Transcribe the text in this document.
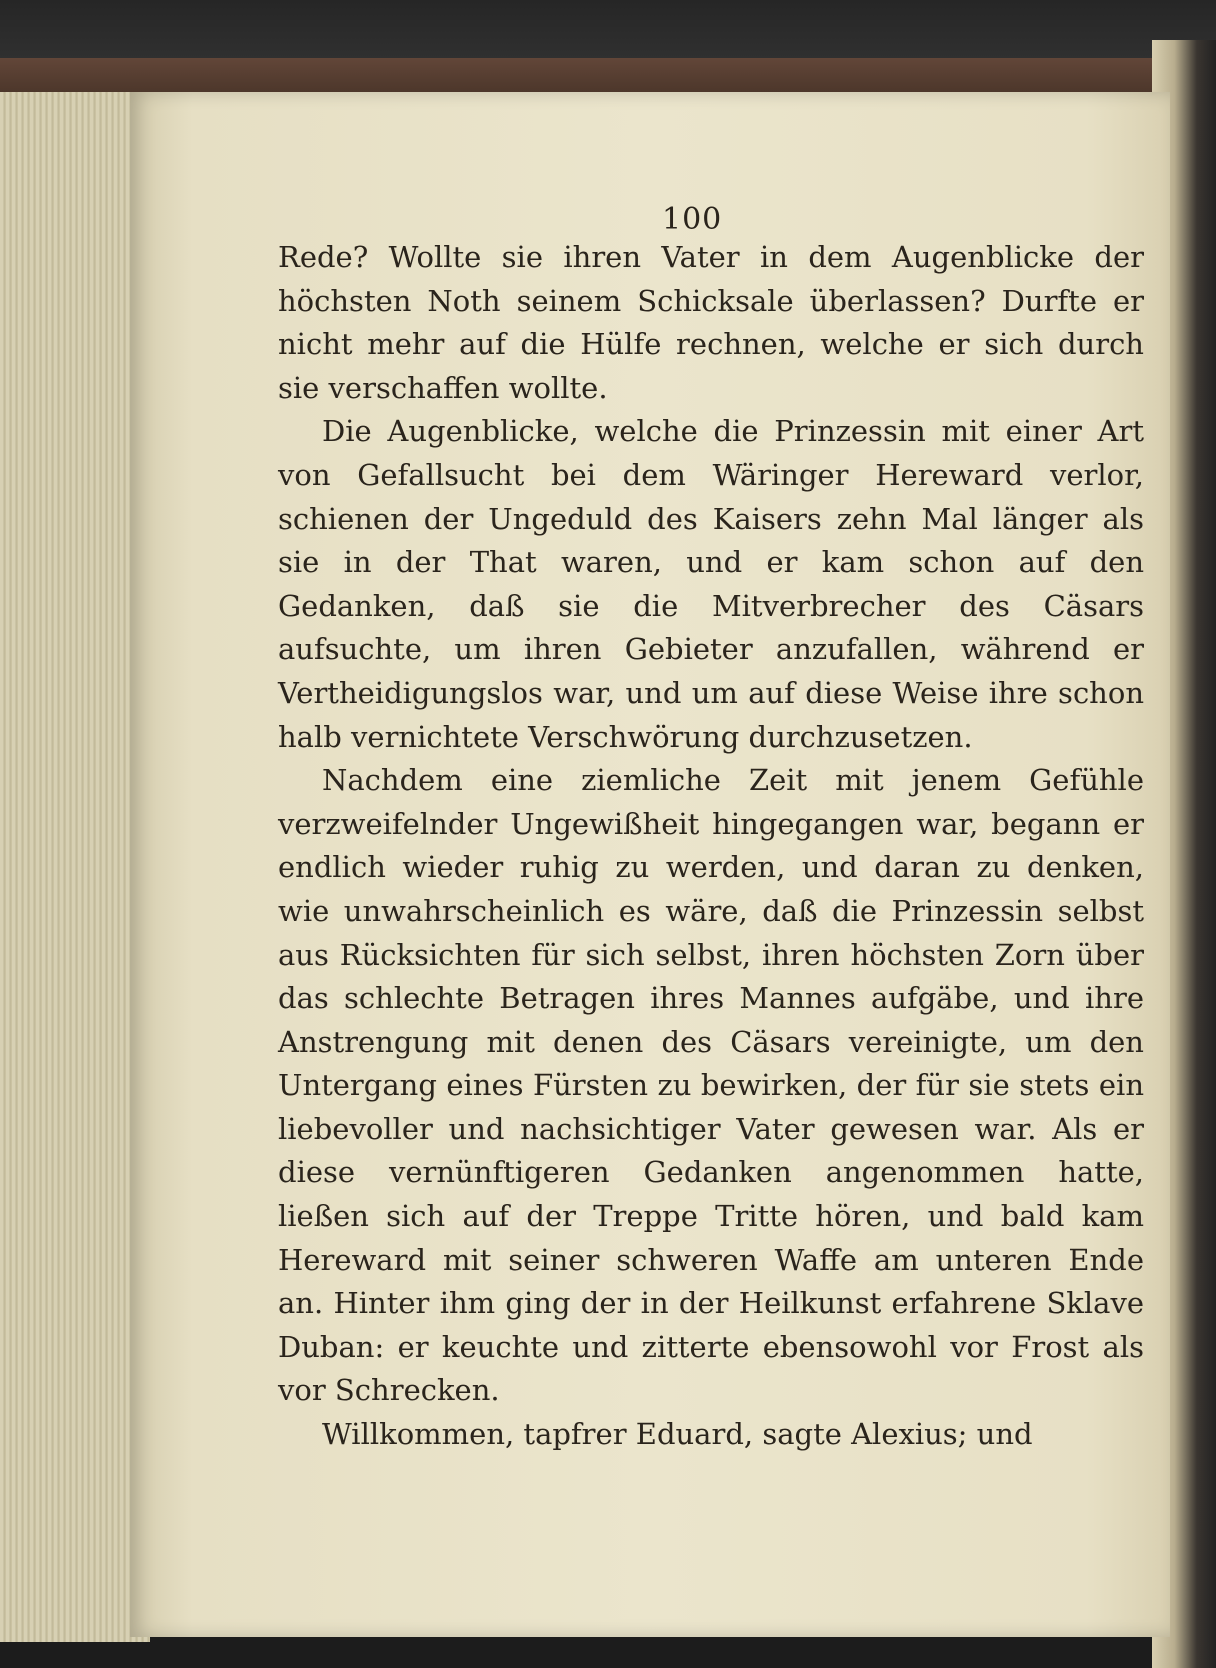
100

Rede? Wollte sie ihren Vater in dem Augenblicke der höchsten Noth seinem Schicksale überlassen? Durfte er nicht mehr auf die Hülfe rechnen, welche er sich durch sie verschaffen wollte.

Die Augenblicke, welche die Prinzessin mit einer Art von Gefallsucht bei dem Wäringer Hereward verlor, schienen der Ungeduld des Kaisers zehn Mal länger als sie in der That waren, und er kam schon auf den Gedanken, daß sie die Mitverbrecher des Cäsars aufsuchte, um ihren Gebieter anzufallen, während er Vertheidigungslos war, und um auf diese Weise ihre schon halb vernichtete Verschwörung durchzusetzen.

Nachdem eine ziemliche Zeit mit jenem Gefühle verzweifelnder Ungewißheit hingegangen war, begann er endlich wieder ruhig zu werden, und daran zu denken, wie unwahrscheinlich es wäre, daß die Prinzessin selbst aus Rücksichten für sich selbst, ihren höchsten Zorn über das schlechte Betragen ihres Mannes aufgäbe, und ihre Anstrengung mit denen des Cäsars vereinigte, um den Untergang eines Fürsten zu bewirken, der für sie stets ein liebevoller und nachsichtiger Vater gewesen war. Als er diese vernünftigeren Gedanken angenommen hatte, ließen sich auf der Treppe Tritte hören, und bald kam Hereward mit seiner schweren Waffe am unteren Ende an. Hinter ihm ging der in der Heilkunst erfahrene Sklave Duban: er keuchte und zitterte ebensowohl vor Frost als vor Schrecken.

Willkommen, tapfrer Eduard, sagte Alexius; und
